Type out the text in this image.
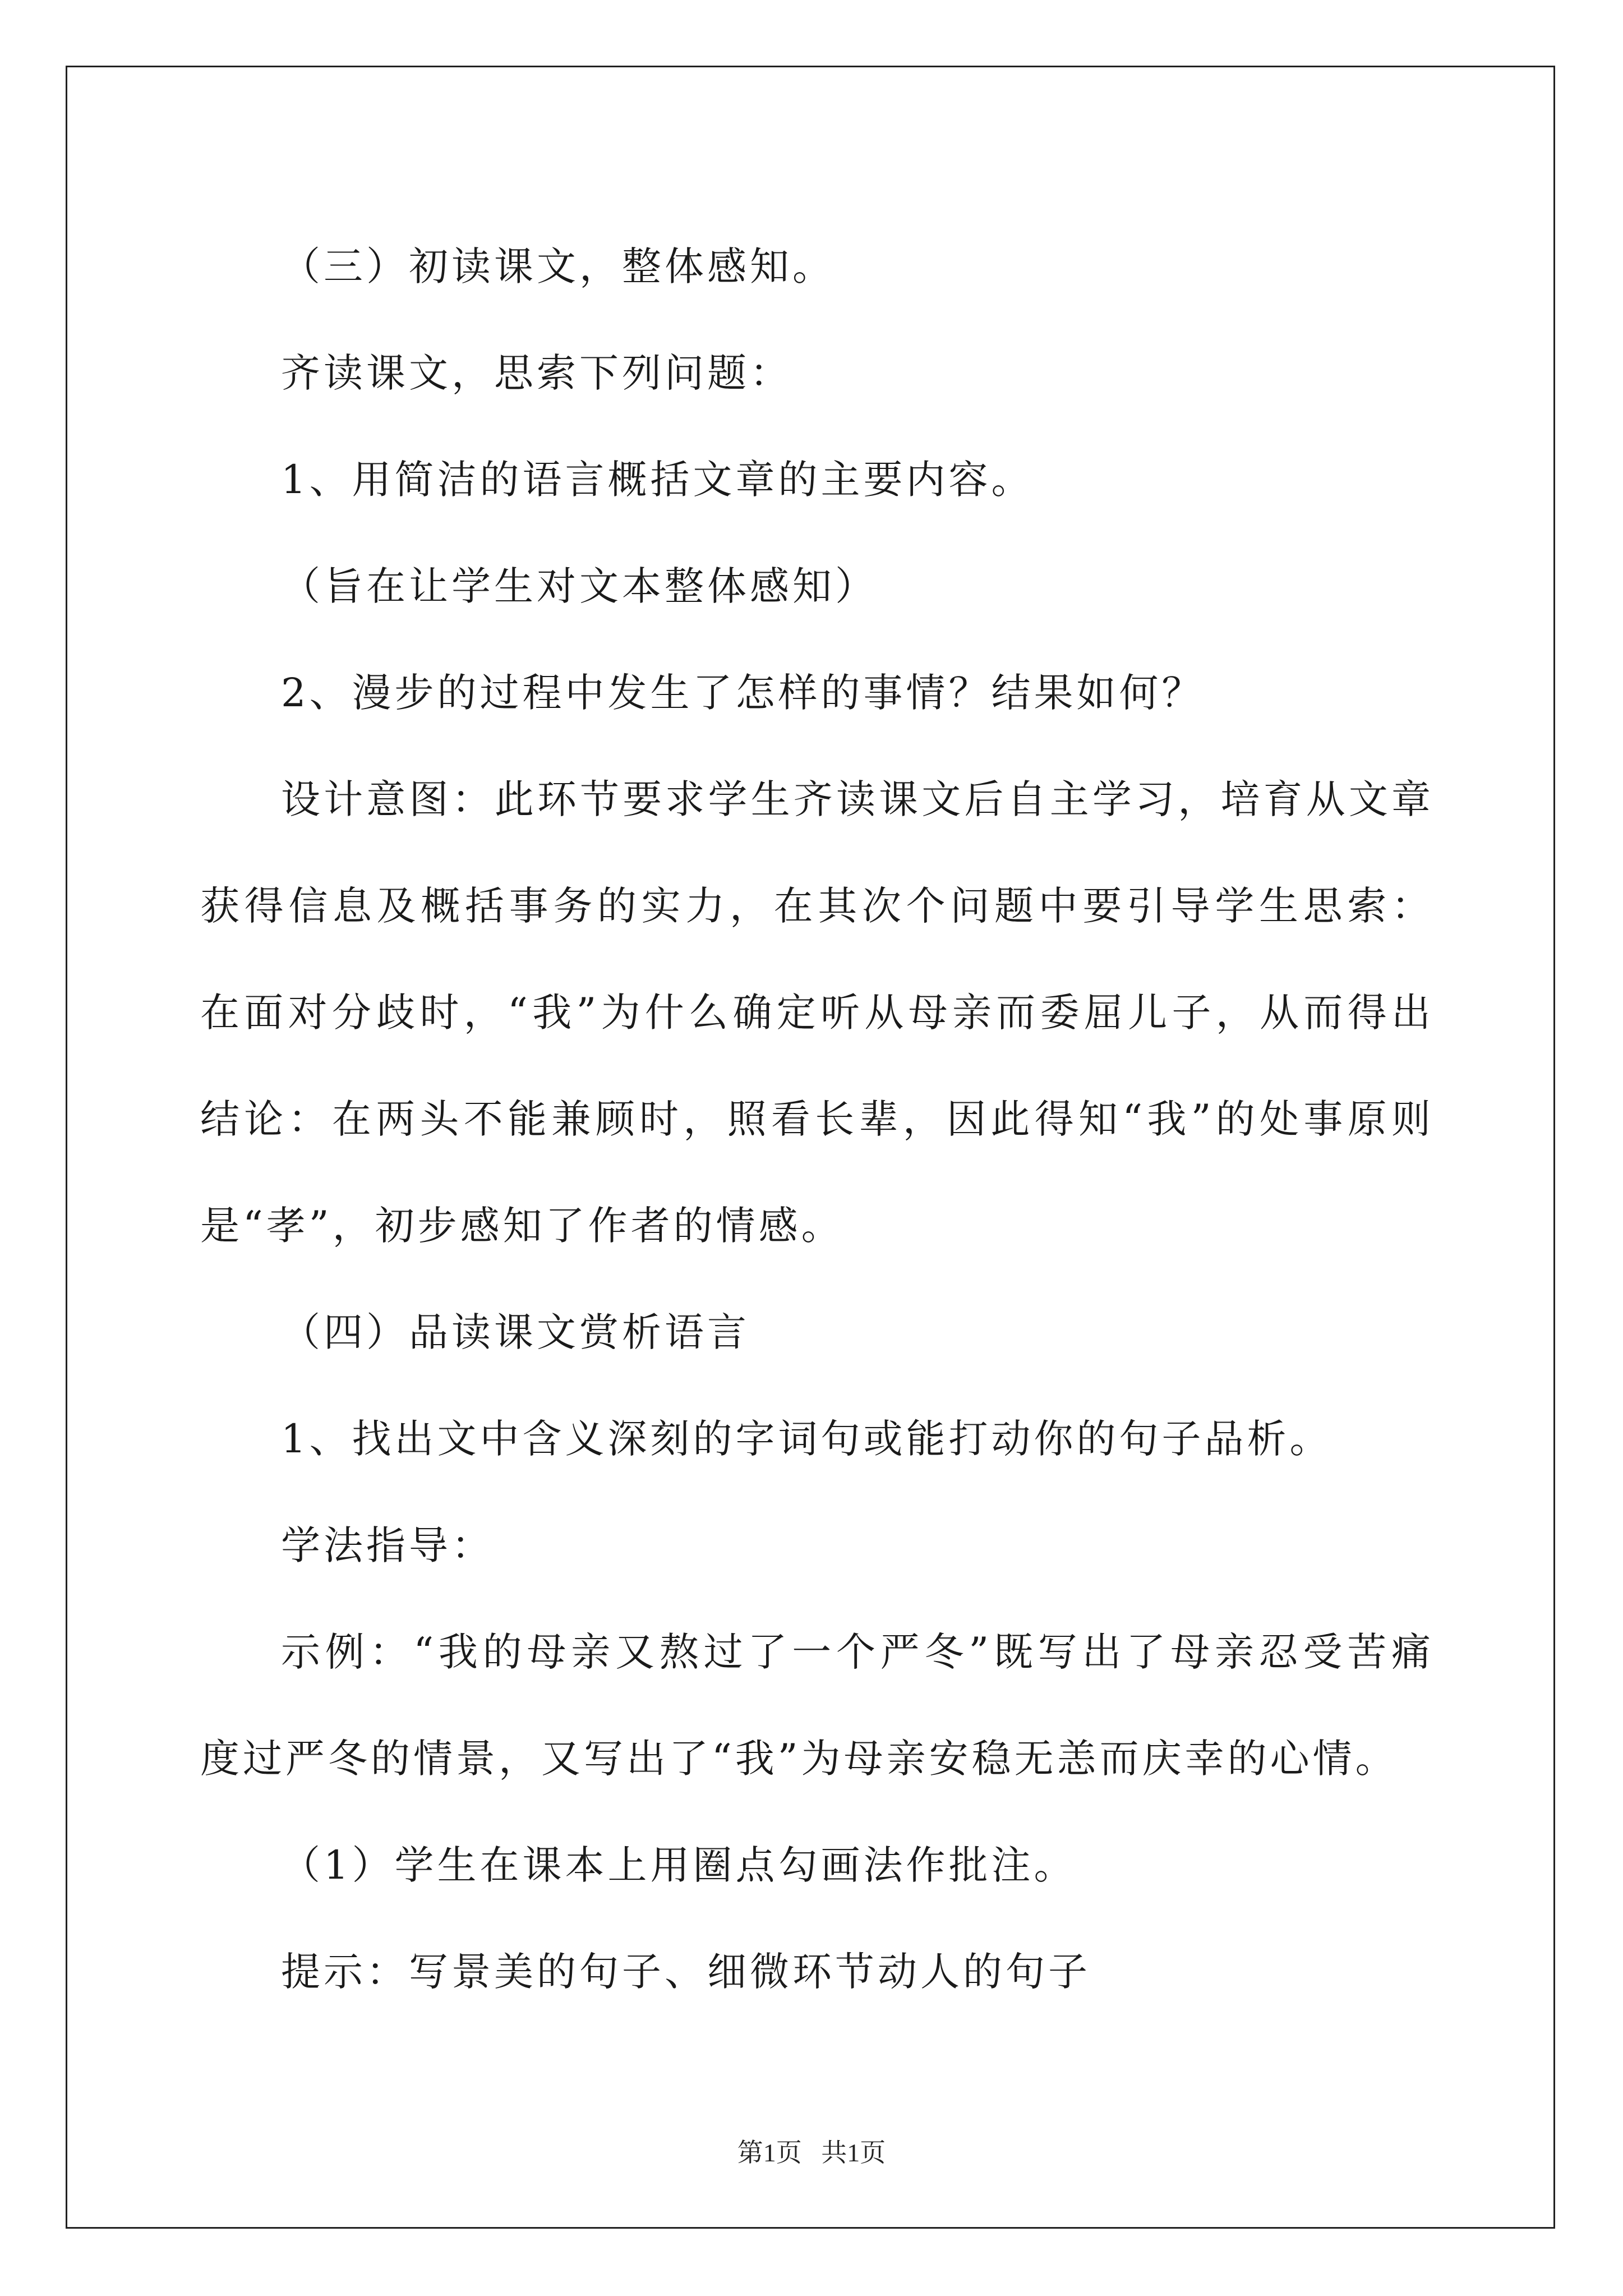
（三）初读课文，整体感知。

齐读课文，思索下列问题：

1、用简洁的语言概括文章的主要内容。

（旨在让学生对文本整体感知）

2、漫步的过程中发生了怎样的事情？结果如何？

设计意图：此环节要求学生齐读课文后自主学习，培育从文章获得信息及概括事务的实力，在其次个问题中要引导学生思索：在面对分歧时，“我”为什么确定听从母亲而委屈儿子，从而得出结论：在两头不能兼顾时，照看长辈，因此得知“我”的处事原则是“孝”，初步感知了作者的情感。

（四）品读课文赏析语言

1、找出文中含义深刻的字词句或能打动你的句子品析。

学法指导：

示例：“我的母亲又熬过了一个严冬”既写出了母亲忍受苦痛度过严冬的情景，又写出了“我”为母亲安稳无恙而庆幸的心情。

（1）学生在课本上用圈点勾画法作批注。

提示：写景美的句子、细微环节动人的句子

第1页   共1页
